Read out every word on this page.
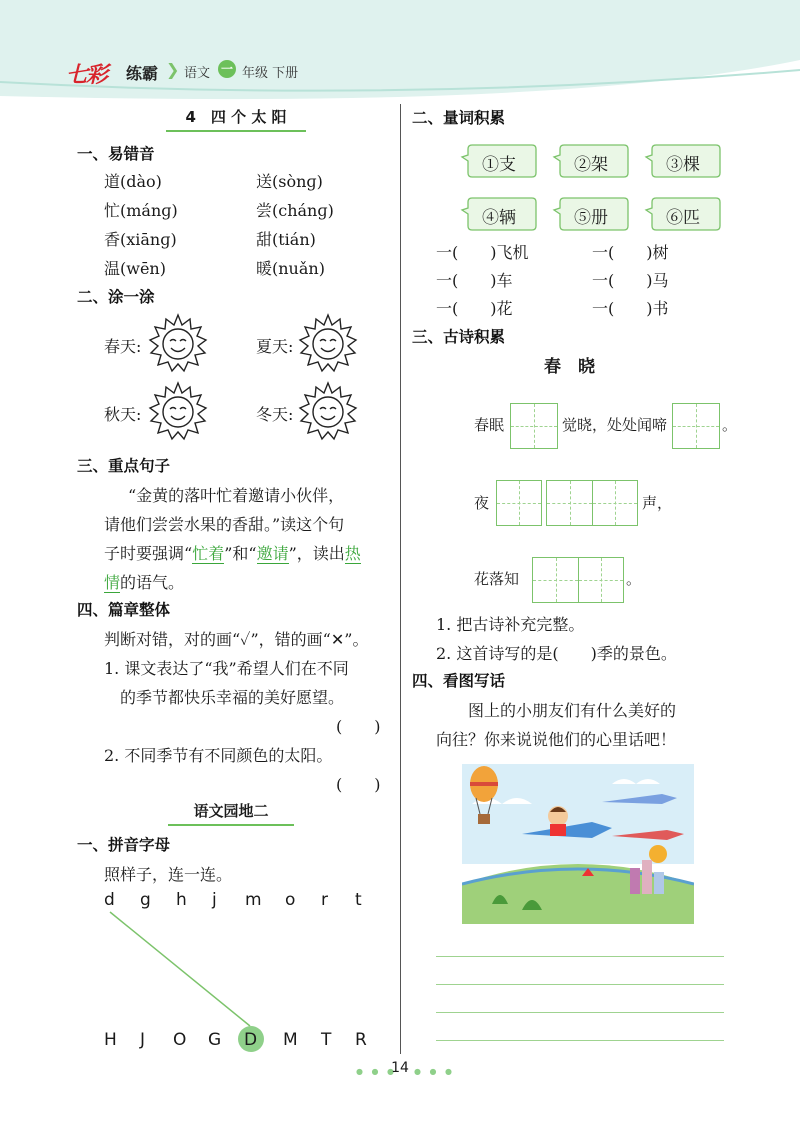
七彩 练霸 ❯ 语文 一 年级 下册
4　四 个 太 阳
一、易错音
道(dào)	送(sònɡ)
忙(mánɡ)	尝(chánɡ)
香(xiānɡ)	甜(tián)
温(wēn)	暖(nuǎn)
二、涂一涂
春天:	夏天:
秋天:	冬天:
三、重点句子
“金黄的落叶忙着邀请小伙伴，
请他们尝尝水果的香甜。”读这个句
子时要强调“忙着”和“邀请”，读出热
情的语气。
四、篇章整体
判断对错，对的画“✓”，错的画“✕”。
1. 课文表达了“我”希望人们在不同
的季节都快乐幸福的美好愿望。
(　　)
2. 不同季节有不同颜色的太阳。
(　　)
语文园地二
一、拼音字母
照样子，连一连。
d g h j m o r t
H J O G D M T R
二、量词积累
①支	②架	③棵
④辆	⑤册	⑥匹
一(　　)飞机	一(　　)树
一(　　)车	一(　　)马
一(　　)花	一(　　)书
三、古诗积累
春　晓
春眠	觉晓，处处闻啼	。
夜	声，
花落知	。
1. 把古诗补充完整。
2. 这首诗写的是(　　)季的景色。
四、看图写话
图上的小朋友们有什么美好的
向往？你来说说他们的心里话吧！
● ● ●
14 ● ● ●
